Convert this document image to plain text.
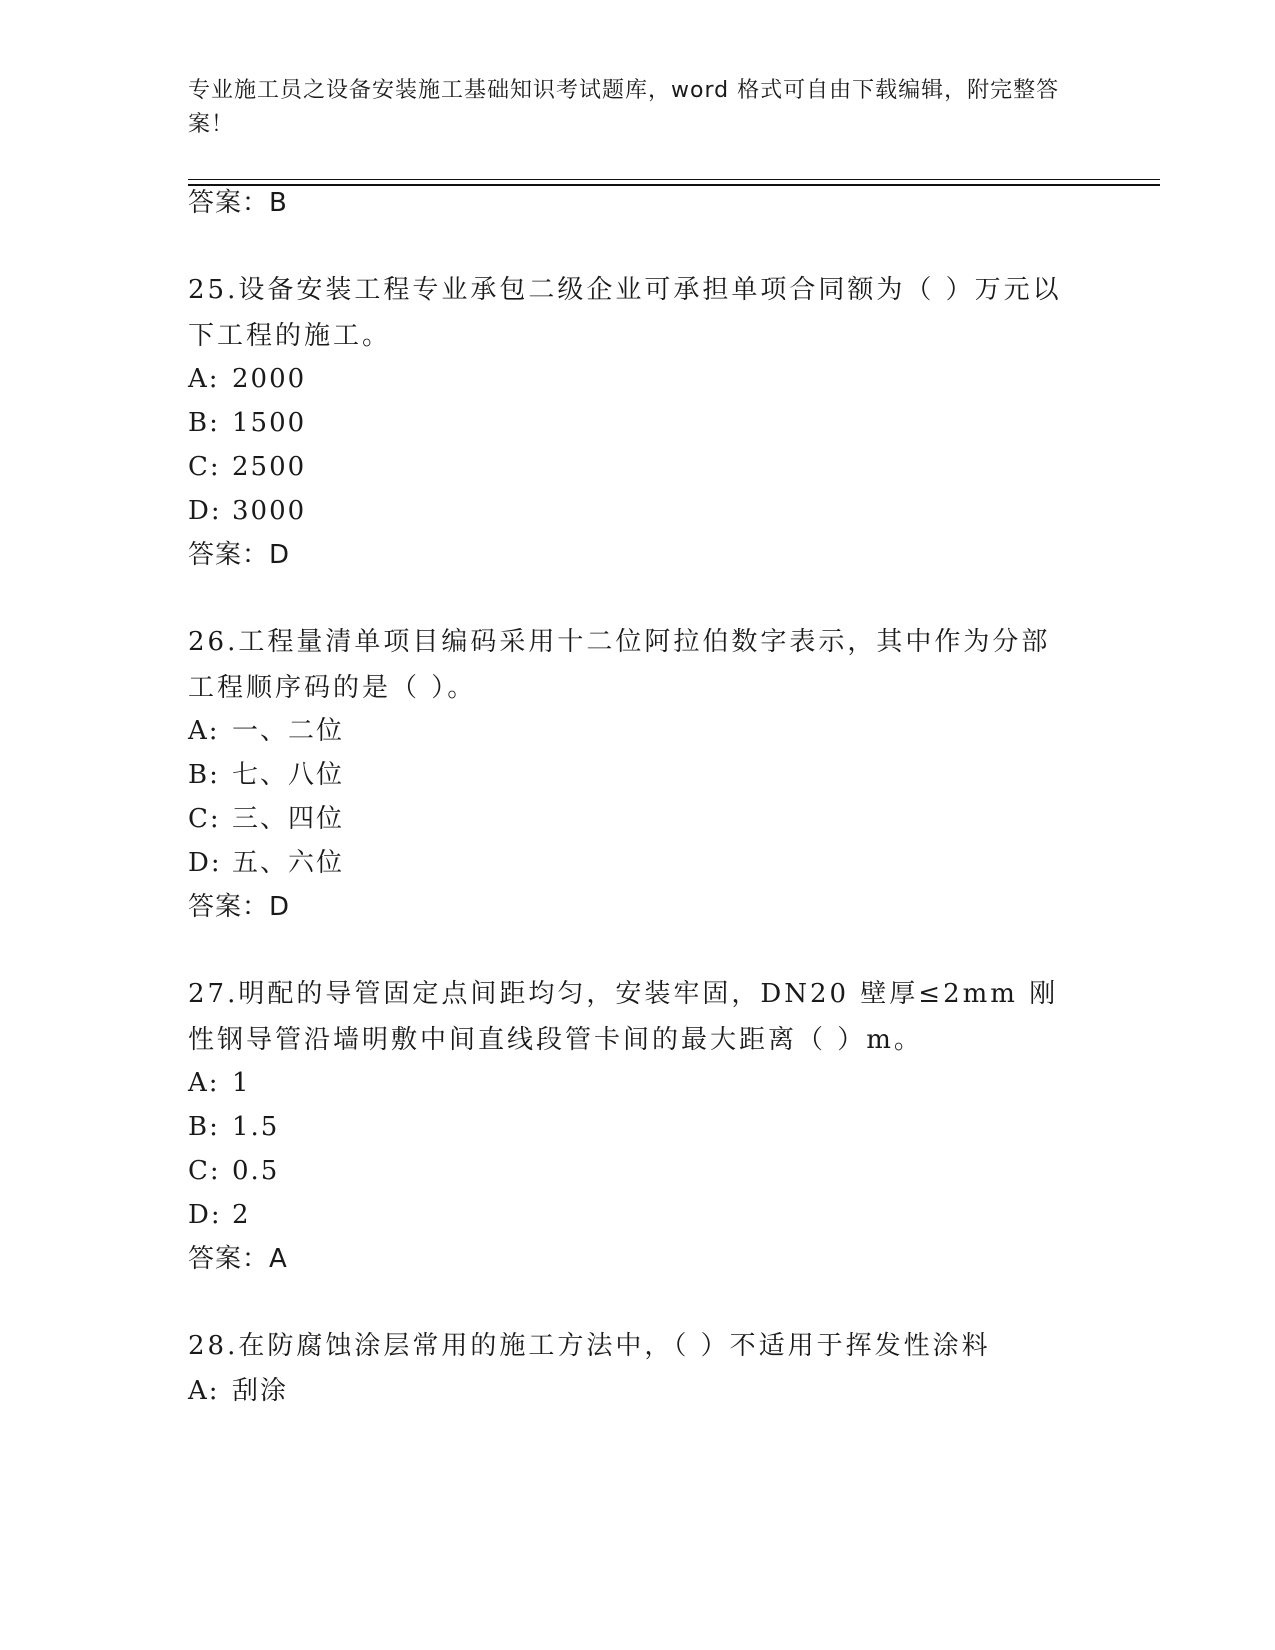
专业施工员之设备安装施工基础知识考试题库，word 格式可自由下载编辑，附完整答案！
答案：B
25.设备安装工程专业承包二级企业可承担单项合同额为（ ）万元以下工程的施工。
A: 2000
B: 1500
C: 2500
D: 3000
答案：D
26.工程量清单项目编码采用十二位阿拉伯数字表示，其中作为分部工程顺序码的是（ ）。
A: 一、二位
B: 七、八位
C: 三、四位
D: 五、六位
答案：D
27.明配的导管固定点间距均匀，安装牢固，DN20 壁厚≤2mm 刚性钢导管沿墙明敷中间直线段管卡间的最大距离（ ）m。
A: 1
B: 1.5
C: 0.5
D: 2
答案：A
28.在防腐蚀涂层常用的施工方法中，（ ）不适用于挥发性涂料
A: 刮涂
